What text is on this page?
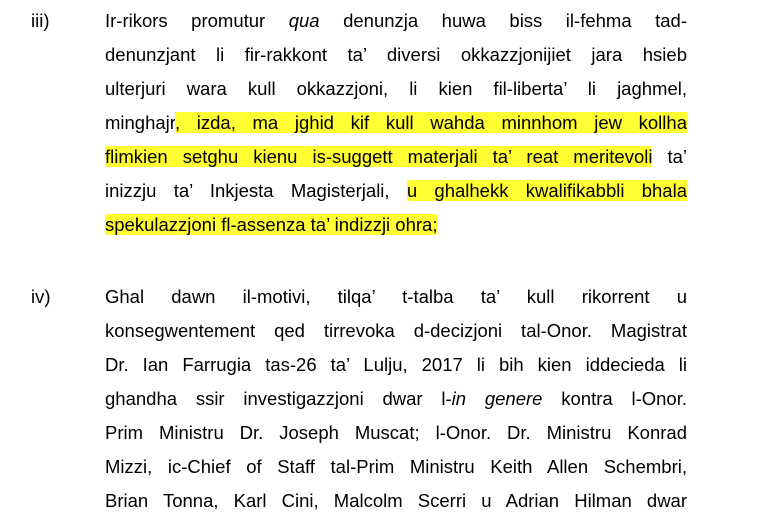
iii)	Ir-rikors promutur qua denunzja huwa biss il-fehma tad-
denunzjant li fir-rakkont ta’ diversi okkazzjonijiet jara hsieb
ulterjuri wara kull okkazzjoni, li kien fil-liberta’ li jaghmel,
minghajr, izda, ma jghid kif kull wahda minnhom jew kollha
flimkien setghu kienu is-suggett materjali ta’ reat meritevoli ta’
inizzju ta’ Inkjesta Magisterjali, u ghalhekk kwalifikabbli bhala
spekulazzjoni fl-assenza ta’ indizzji ohra;
iv)	Ghal dawn il-motivi, tilqa’ t-talba ta’ kull rikorrent u
konsegwentement qed tirrevoka d-decizjoni tal-Onor. Magistrat
Dr. Ian Farrugia tas-26 ta’ Lulju, 2017 li bih kien iddecieda li
ghandha ssir investigazzjoni dwar l-in genere kontra l-Onor.
Prim Ministru Dr. Joseph Muscat; l-Onor. Dr. Ministru Konrad
Mizzi, ic-Chief of Staff tal-Prim Ministru Keith Allen Schembri,
Brian Tonna, Karl Cini, Malcolm Scerri u Adrian Hilman dwar
